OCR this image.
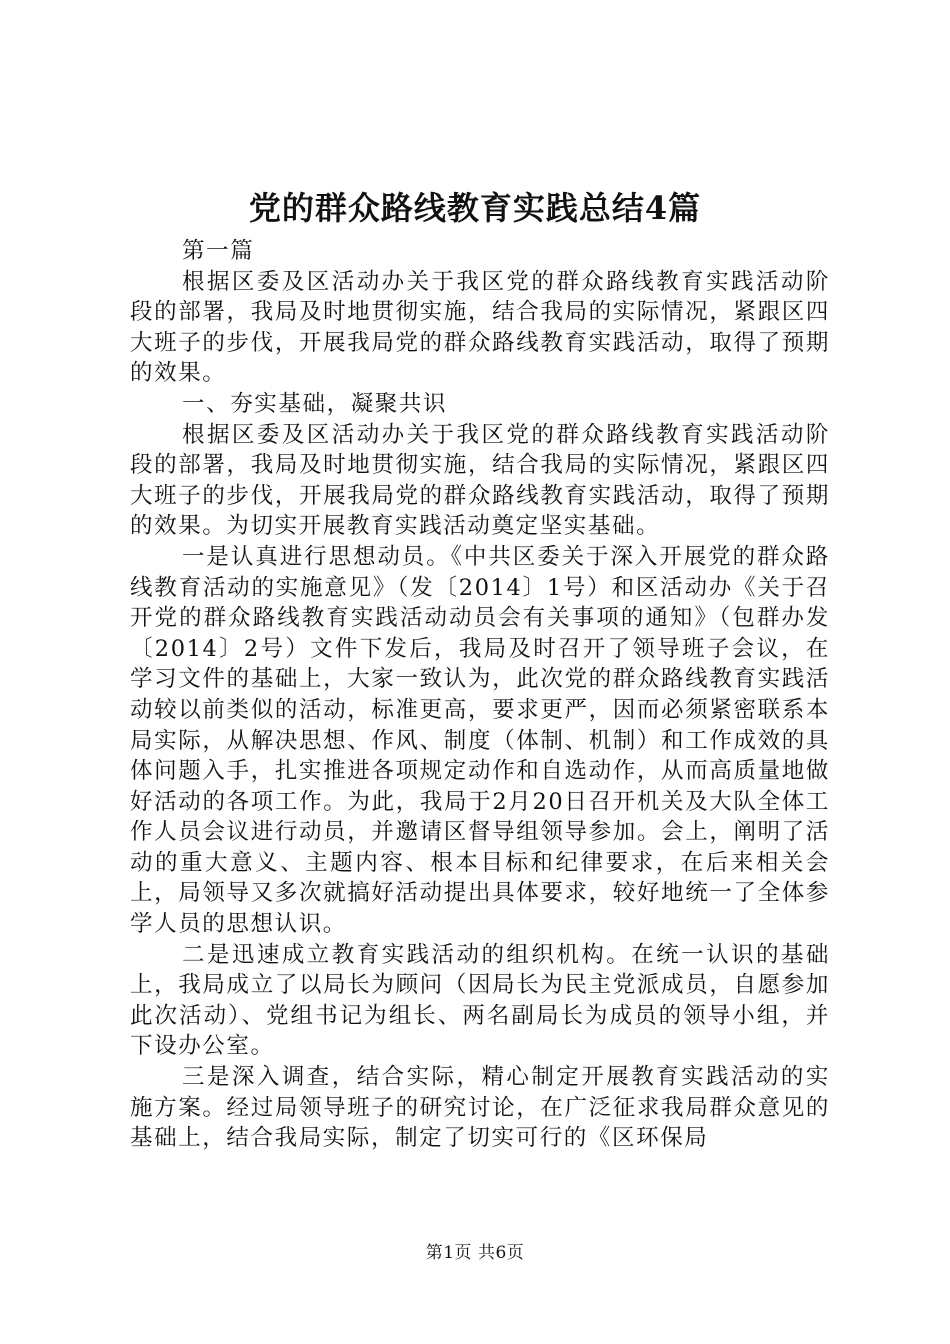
党的群众路线教育实践总结4篇

第一篇

根据区委及区活动办关于我区党的群众路线教育实践活动阶段的部署，我局及时地贯彻实施，结合我局的实际情况，紧跟区四大班子的步伐，开展我局党的群众路线教育实践活动，取得了预期的效果。

一、夯实基础，凝聚共识

根据区委及区活动办关于我区党的群众路线教育实践活动阶段的部署，我局及时地贯彻实施，结合我局的实际情况，紧跟区四大班子的步伐，开展我局党的群众路线教育实践活动，取得了预期的效果。为切实开展教育实践活动奠定坚实基础。

一是认真进行思想动员。《中共区委关于深入开展党的群众路线教育活动的实施意见》（发〔2014〕1号）和区活动办《关于召开党的群众路线教育实践活动动员会有关事项的通知》（包群办发〔2014〕2号）文件下发后，我局及时召开了领导班子会议，在学习文件的基础上，大家一致认为，此次党的群众路线教育实践活动较以前类似的活动，标准更高，要求更严，因而必须紧密联系本局实际，从解决思想、作风、制度（体制、机制）和工作成效的具体问题入手，扎实推进各项规定动作和自选动作，从而高质量地做好活动的各项工作。为此，我局于2月20日召开机关及大队全体工作人员会议进行动员，并邀请区督导组领导参加。会上，阐明了活动的重大意义、主题内容、根本目标和纪律要求，在后来相关会上，局领导又多次就搞好活动提出具体要求，较好地统一了全体参学人员的思想认识。

二是迅速成立教育实践活动的组织机构。在统一认识的基础上，我局成立了以局长为顾问（因局长为民主党派成员，自愿参加此次活动）、党组书记为组长、两名副局长为成员的领导小组，并下设办公室。

三是深入调查，结合实际，精心制定开展教育实践活动的实施方案。经过局领导班子的研究讨论，在广泛征求我局群众意见的基础上，结合我局实际，制定了切实可行的《区环保局

第1页 共6页
